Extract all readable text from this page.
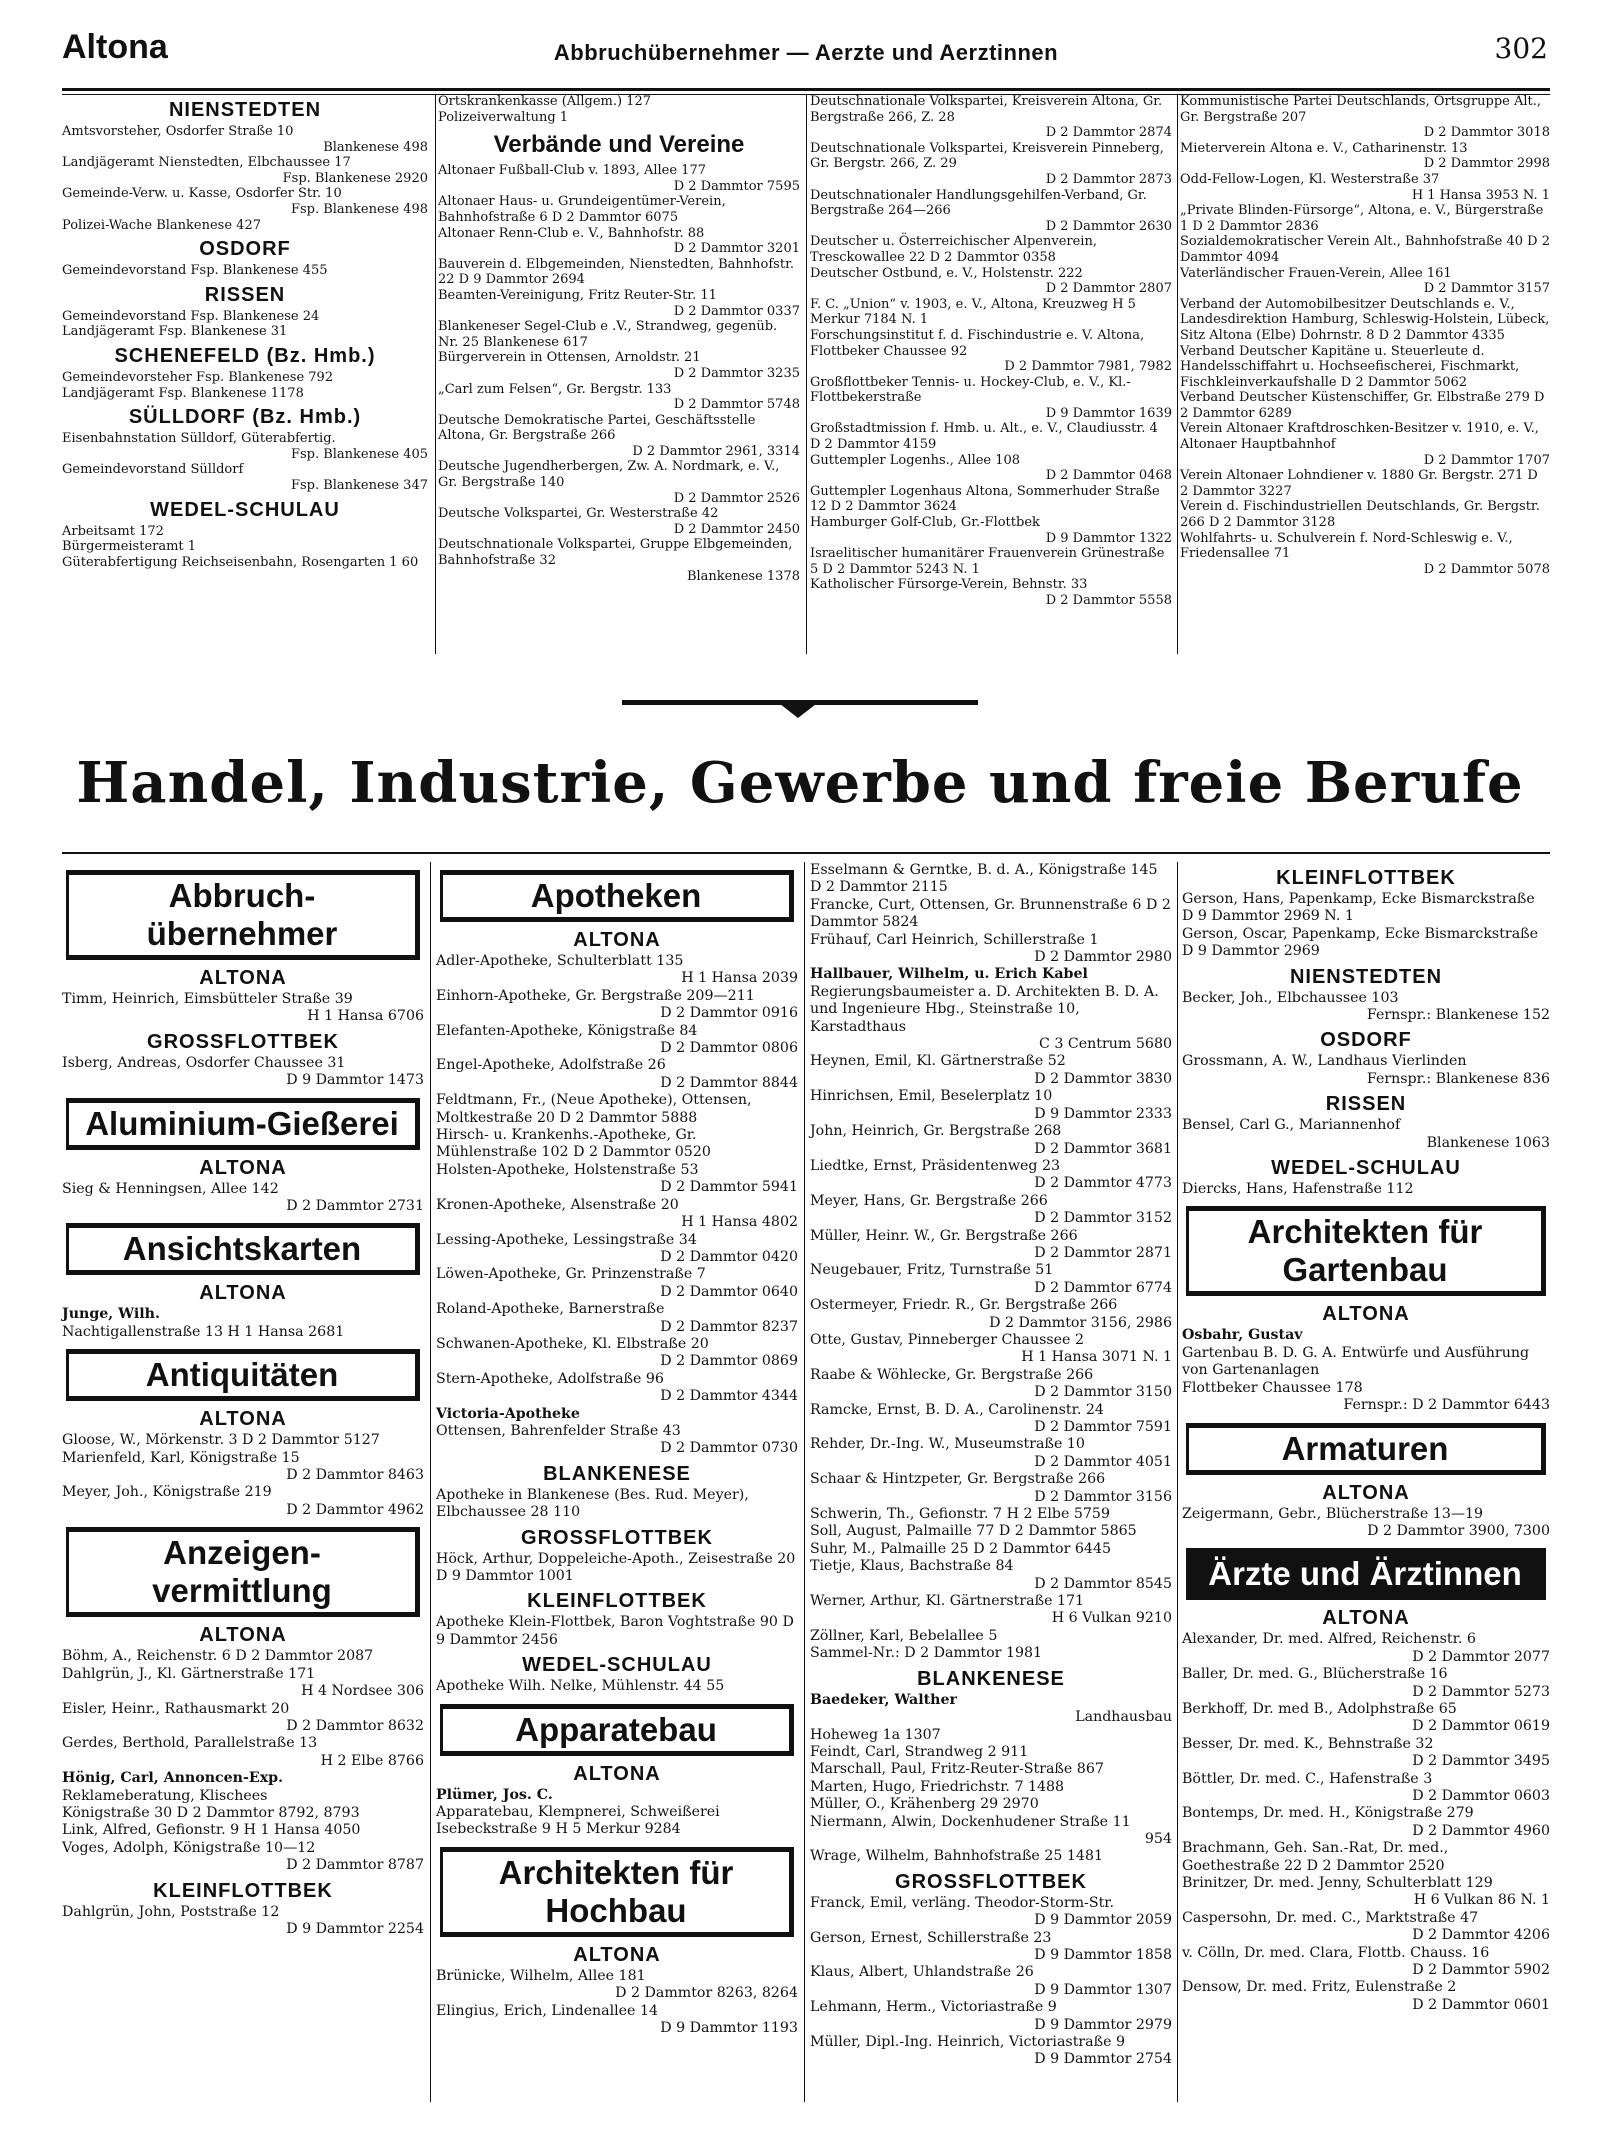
Altona	Abbruchübernehmer — Aerzte und Aerztinnen	302
NIENSTEDTEN
Amtsvorsteher, Osdorfer Straße 10
Blankenese 498
Landjägeramt Nienstedten, Elbchaussee 17
Fsp. Blankenese 2920
Gemeinde-Verw. u. Kasse, Osdorfer Str. 10
Fsp. Blankenese 498
Polizei-Wache Blankenese 427
OSDORF
Gemeindevorstand Fsp. Blankenese 455
RISSEN
Gemeindevorstand Fsp. Blankenese 24
Landjägeramt Fsp. Blankenese 31
SCHENEFELD (Bz. Hmb.)
Gemeindevorsteher Fsp. Blankenese 792
Landjägeramt Fsp. Blankenese 1178
SÜLLDORF (Bz. Hmb.)
Eisenbahnstation Sülldorf, Güterabfertig.
Fsp. Blankenese 405
Gemeindevorstand Sülldorf
Fsp. Blankenese 347
WEDEL-SCHULAU
Arbeitsamt 172
Bürgermeisteramt 1
Güterabfertigung Reichseisenbahn, Rosengarten 1 60
Ortskrankenkasse (Allgem.) 127
Polizeiverwaltung 1
Verbände und Vereine
Altonaer Fußball-Club v. 1893, Allee 177
D 2 Dammtor 7595
Altonaer Haus- u. Grundeigentümer-Verein, Bahnhofstraße 6 D 2 Dammtor 6075
Altonaer Renn-Club e. V., Bahnhofstr. 88
D 2 Dammtor 3201
Bauverein d. Elbgemeinden, Nienstedten, Bahnhofstr. 22 D 9 Dammtor 2694
Beamten-Vereinigung, Fritz Reuter-Str. 11
D 2 Dammtor 0337
Blankeneser Segel-Club e .V., Strandweg, gegenüb. Nr. 25 Blankenese 617
Bürgerverein in Ottensen, Arnoldstr. 21
D 2 Dammtor 3235
„Carl zum Felsen“, Gr. Bergstr. 133
D 2 Dammtor 5748
Deutsche Demokratische Partei, Geschäftsstelle Altona, Gr. Bergstraße 266
D 2 Dammtor 2961, 3314
Deutsche Jugendherbergen, Zw. A. Nordmark, e. V., Gr. Bergstraße 140
D 2 Dammtor 2526
Deutsche Volkspartei, Gr. Westerstraße 42
D 2 Dammtor 2450
Deutschnationale Volkspartei, Gruppe Elbgemeinden, Bahnhofstraße 32
Blankenese 1378
Deutschnationale Volkspartei, Kreisverein Altona, Gr. Bergstraße 266, Z. 28
D 2 Dammtor 2874
Deutschnationale Volkspartei, Kreisverein Pinneberg, Gr. Bergstr. 266, Z. 29
D 2 Dammtor 2873
Deutschnationaler Handlungsgehilfen-Verband, Gr. Bergstraße 264—266
D 2 Dammtor 2630
Deutscher u. Österreichischer Alpenverein, Tresckowallee 22 D 2 Dammtor 0358
Deutscher Ostbund, e. V., Holstenstr. 222
D 2 Dammtor 2807
F. C. „Union“ v. 1903, e. V., Altona, Kreuzweg H 5 Merkur 7184 N. 1
Forschungsinstitut f. d. Fischindustrie e. V. Altona, Flottbeker Chaussee 92
D 2 Dammtor 7981, 7982
Großflottbeker Tennis- u. Hockey-Club, e. V., Kl.-Flottbekerstraße
D 9 Dammtor 1639
Großstadtmission f. Hmb. u. Alt., e. V., Claudiusstr. 4 D 2 Dammtor 4159
Guttempler Logenhs., Allee 108
D 2 Dammtor 0468
Guttempler Logenhaus Altona, Sommerhuder Straße 12 D 2 Dammtor 3624
Hamburger Golf-Club, Gr.-Flottbek
D 9 Dammtor 1322
Israelitischer humanitärer Frauenverein Grünestraße 5 D 2 Dammtor 5243 N. 1
Katholischer Fürsorge-Verein, Behnstr. 33
D 2 Dammtor 5558
Kommunistische Partei Deutschlands, Ortsgruppe Alt., Gr. Bergstraße 207
D 2 Dammtor 3018
Mieterverein Altona e. V., Catharinenstr. 13
D 2 Dammtor 2998
Odd-Fellow-Logen, Kl. Westerstraße 37
H 1 Hansa 3953 N. 1
„Private Blinden-Fürsorge“, Altona, e. V., Bürgerstraße 1 D 2 Dammtor 2836
Sozialdemokratischer Verein Alt., Bahnhofstraße 40 D 2 Dammtor 4094
Vaterländischer Frauen-Verein, Allee 161
D 2 Dammtor 3157
Verband der Automobilbesitzer Deutschlands e. V., Landesdirektion Hamburg, Schleswig-Holstein, Lübeck, Sitz Altona (Elbe) Dohrnstr. 8 D 2 Dammtor 4335
Verband Deutscher Kapitäne u. Steuerleute d. Handelsschiffahrt u. Hochseefischerei, Fischmarkt, Fischkleinverkaufshalle D 2 Dammtor 5062
Verband Deutscher Küstenschiffer, Gr. Elbstraße 279 D 2 Dammtor 6289
Verein Altonaer Kraftdroschken-Besitzer v. 1910, e. V., Altonaer Hauptbahnhof
D 2 Dammtor 1707
Verein Altonaer Lohndiener v. 1880 Gr. Bergstr. 271 D 2 Dammtor 3227
Verein d. Fischindustriellen Deutschlands, Gr. Bergstr. 266 D 2 Dammtor 3128
Wohlfahrts- u. Schulverein f. Nord-Schleswig e. V., Friedensallee 71
D 2 Dammtor 5078
Handel, Industrie, Gewerbe und freie Berufe
Abbruch-übernehmer
ALTONA
Timm, Heinrich, Eimsbütteler Straße 39
H 1 Hansa 6706
GROSSFLOTTBEK
Isberg, Andreas, Osdorfer Chaussee 31
D 9 Dammtor 1473
Aluminium-Gießerei
ALTONA
Sieg & Henningsen, Allee 142
D 2 Dammtor 2731
Ansichtskarten
ALTONA
Junge, Wilh.
Nachtigallenstraße 13 H 1 Hansa 2681
Antiquitäten
ALTONA
Gloose, W., Mörkenstr. 3 D 2 Dammtor 5127
Marienfeld, Karl, Königstraße 15
D 2 Dammtor 8463
Meyer, Joh., Königstraße 219
D 2 Dammtor 4962
Anzeigen-vermittlung
ALTONA
Böhm, A., Reichenstr. 6 D 2 Dammtor 2087
Dahlgrün, J., Kl. Gärtnerstraße 171
H 4 Nordsee 306
Eisler, Heinr., Rathausmarkt 20
D 2 Dammtor 8632
Gerdes, Berthold, Parallelstraße 13
H 2 Elbe 8766
Hönig, Carl, Annoncen-Exp.
Reklameberatung, Klischees
Königstraße 30 D 2 Dammtor 8792, 8793
Link, Alfred, Gefionstr. 9 H 1 Hansa 4050
Voges, Adolph, Königstraße 10—12
D 2 Dammtor 8787
KLEINFLOTTBEK
Dahlgrün, John, Poststraße 12
D 9 Dammtor 2254
Apotheken
ALTONA
Adler-Apotheke, Schulterblatt 135
H 1 Hansa 2039
Einhorn-Apotheke, Gr. Bergstraße 209—211
D 2 Dammtor 0916
Elefanten-Apotheke, Königstraße 84
D 2 Dammtor 0806
Engel-Apotheke, Adolfstraße 26
D 2 Dammtor 8844
Feldtmann, Fr., (Neue Apotheke), Ottensen, Moltkestraße 20 D 2 Dammtor 5888
Hirsch- u. Krankenhs.-Apotheke, Gr. Mühlenstraße 102 D 2 Dammtor 0520
Holsten-Apotheke, Holstenstraße 53
D 2 Dammtor 5941
Kronen-Apotheke, Alsenstraße 20
H 1 Hansa 4802
Lessing-Apotheke, Lessingstraße 34
D 2 Dammtor 0420
Löwen-Apotheke, Gr. Prinzenstraße 7
D 2 Dammtor 0640
Roland-Apotheke, Barnerstraße
D 2 Dammtor 8237
Schwanen-Apotheke, Kl. Elbstraße 20
D 2 Dammtor 0869
Stern-Apotheke, Adolfstraße 96
D 2 Dammtor 4344
Victoria-Apotheke
Ottensen, Bahrenfelder Straße 43
D 2 Dammtor 0730
BLANKENESE
Apotheke in Blankenese (Bes. Rud. Meyer), Elbchaussee 28 110
GROSSFLOTTBEK
Höck, Arthur, Doppeleiche-Apoth., Zeisestraße 20 D 9 Dammtor 1001
KLEINFLOTTBEK
Apotheke Klein-Flottbek, Baron Voghtstraße 90 D 9 Dammtor 2456
WEDEL-SCHULAU
Apotheke Wilh. Nelke, Mühlenstr. 44 55
Apparatebau
ALTONA
Plümer, Jos. C.
Apparatebau, Klempnerei, Schweißerei Isebeckstraße 9 H 5 Merkur 9284
Architekten für Hochbau
ALTONA
Brünicke, Wilhelm, Allee 181
D 2 Dammtor 8263, 8264
Elingius, Erich, Lindenallee 14
D 9 Dammtor 1193
Esselmann & Gerntke, B. d. A., Königstraße 145 D 2 Dammtor 2115
Francke, Curt, Ottensen, Gr. Brunnenstraße 6 D 2 Dammtor 5824
Frühauf, Carl Heinrich, Schillerstraße 1
D 2 Dammtor 2980
Hallbauer, Wilhelm, u. Erich Kabel
Regierungsbaumeister a. D. Architekten B. D. A. und Ingenieure Hbg., Steinstraße 10, Karstadthaus
C 3 Centrum 5680
Heynen, Emil, Kl. Gärtnerstraße 52
D 2 Dammtor 3830
Hinrichsen, Emil, Beselerplatz 10
D 9 Dammtor 2333
John, Heinrich, Gr. Bergstraße 268
D 2 Dammtor 3681
Liedtke, Ernst, Präsidentenweg 23
D 2 Dammtor 4773
Meyer, Hans, Gr. Bergstraße 266
D 2 Dammtor 3152
Müller, Heinr. W., Gr. Bergstraße 266
D 2 Dammtor 2871
Neugebauer, Fritz, Turnstraße 51
D 2 Dammtor 6774
Ostermeyer, Friedr. R., Gr. Bergstraße 266
D 2 Dammtor 3156, 2986
Otte, Gustav, Pinneberger Chaussee 2
H 1 Hansa 3071 N. 1
Raabe & Wöhlecke, Gr. Bergstraße 266
D 2 Dammtor 3150
Ramcke, Ernst, B. D. A., Carolinenstr. 24
D 2 Dammtor 7591
Rehder, Dr.-Ing. W., Museumstraße 10
D 2 Dammtor 4051
Schaar & Hintzpeter, Gr. Bergstraße 266
D 2 Dammtor 3156
Schwerin, Th., Gefionstr. 7 H 2 Elbe 5759
Soll, August, Palmaille 77 D 2 Dammtor 5865
Suhr, M., Palmaille 25 D 2 Dammtor 6445
Tietje, Klaus, Bachstraße 84
D 2 Dammtor 8545
Werner, Arthur, Kl. Gärtnerstraße 171
H 6 Vulkan 9210
Zöllner, Karl, Bebelallee 5
Sammel-Nr.: D 2 Dammtor 1981
BLANKENESE
Baedeker, Walther
Landhausbau
Hoheweg 1a 1307
Feindt, Carl, Strandweg 2 911
Marschall, Paul, Fritz-Reuter-Straße 867
Marten, Hugo, Friedrichstr. 7 1488
Müller, O., Krähenberg 29 2970
Niermann, Alwin, Dockenhudener Straße 11
954
Wrage, Wilhelm, Bahnhofstraße 25 1481
GROSSFLOTTBEK
Franck, Emil, verläng. Theodor-Storm-Str.
D 9 Dammtor 2059
Gerson, Ernest, Schillerstraße 23
D 9 Dammtor 1858
Klaus, Albert, Uhlandstraße 26
D 9 Dammtor 1307
Lehmann, Herm., Victoriastraße 9
D 9 Dammtor 2979
Müller, Dipl.-Ing. Heinrich, Victoriastraße 9
D 9 Dammtor 2754
KLEINFLOTTBEK
Gerson, Hans, Papenkamp, Ecke Bismarckstraße D 9 Dammtor 2969 N. 1
Gerson, Oscar, Papenkamp, Ecke Bismarckstraße D 9 Dammtor 2969
NIENSTEDTEN
Becker, Joh., Elbchaussee 103
Fernspr.: Blankenese 152
OSDORF
Grossmann, A. W., Landhaus Vierlinden
Fernspr.: Blankenese 836
RISSEN
Bensel, Carl G., Mariannenhof
Blankenese 1063
WEDEL-SCHULAU
Diercks, Hans, Hafenstraße 112
Architekten für Gartenbau
ALTONA
Osbahr, Gustav
Gartenbau B. D. G. A. Entwürfe und Ausführung von Gartenanlagen
Flottbeker Chaussee 178
Fernspr.: D 2 Dammtor 6443
Armaturen
ALTONA
Zeigermann, Gebr., Blücherstraße 13—19
D 2 Dammtor 3900, 7300
Ärzte und Ärztinnen
ALTONA
Alexander, Dr. med. Alfred, Reichenstr. 6
D 2 Dammtor 2077
Baller, Dr. med. G., Blücherstraße 16
D 2 Dammtor 5273
Berkhoff, Dr. med B., Adolphstraße 65
D 2 Dammtor 0619
Besser, Dr. med. K., Behnstraße 32
D 2 Dammtor 3495
Böttler, Dr. med. C., Hafenstraße 3
D 2 Dammtor 0603
Bontemps, Dr. med. H., Königstraße 279
D 2 Dammtor 4960
Brachmann, Geh. San.-Rat, Dr. med., Goethestraße 22 D 2 Dammtor 2520
Brinitzer, Dr. med. Jenny, Schulterblatt 129
H 6 Vulkan 86 N. 1
Caspersohn, Dr. med. C., Marktstraße 47
D 2 Dammtor 4206
v. Cölln, Dr. med. Clara, Flottb. Chauss. 16
D 2 Dammtor 5902
Densow, Dr. med. Fritz, Eulenstraße 2
D 2 Dammtor 0601
